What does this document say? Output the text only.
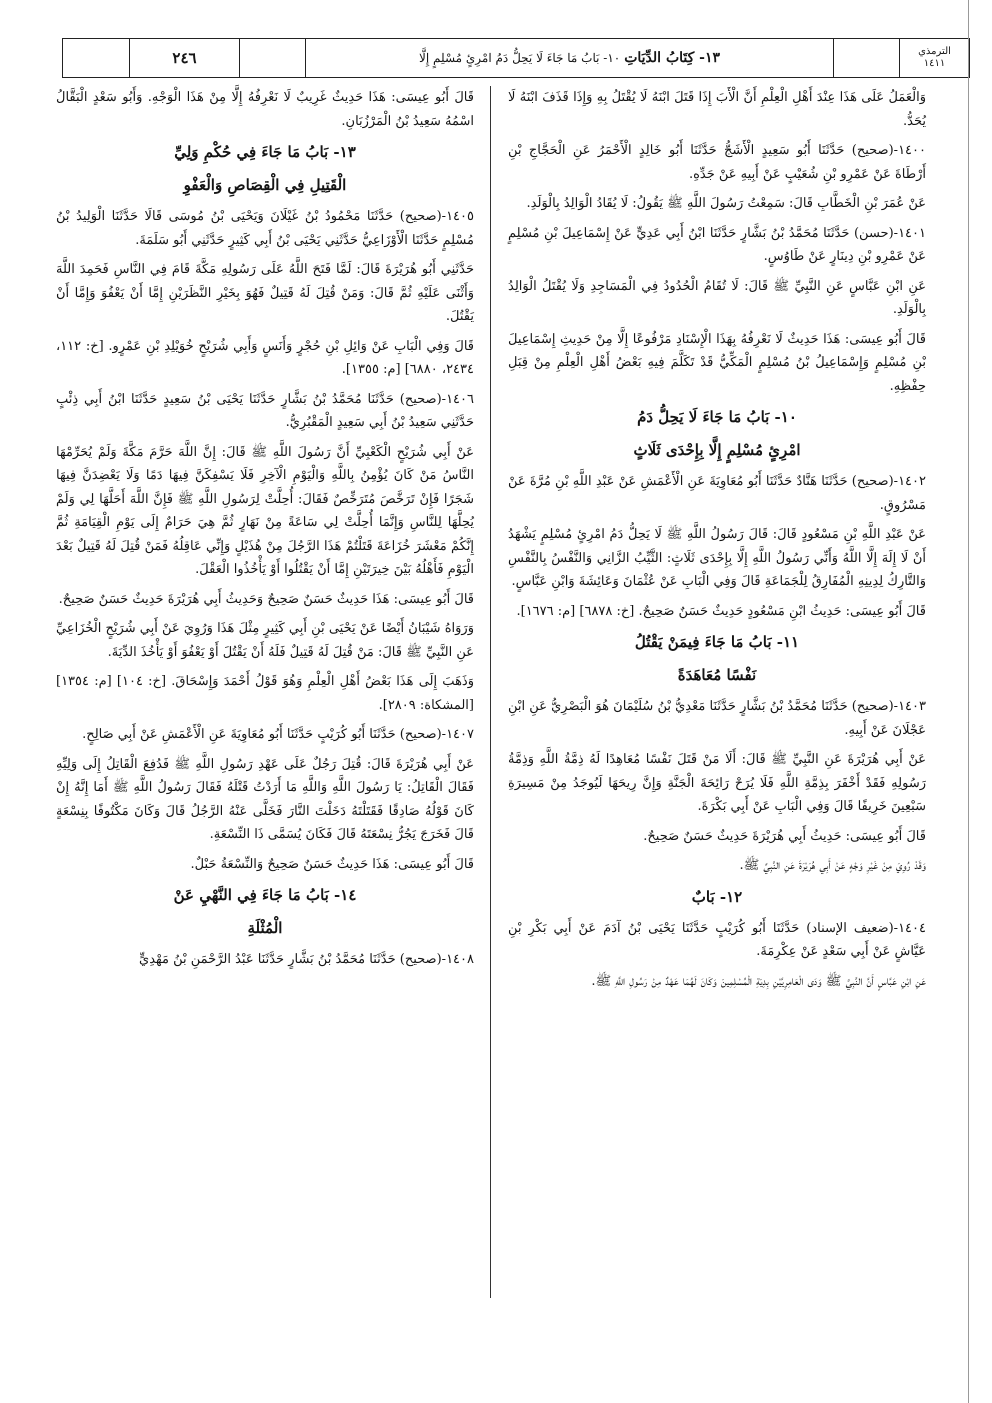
الترمذي
١٤١١
١٣- كِتَابُ الدِّيَاتِ
١٠- بَابُ مَا جَاءَ لَا يَحِلُّ دَمُ امْرِئٍ مُسْلِمٍ إِلَّا
٢٤٦

وَالْعَمَلُ عَلَى هَذَا عِنْدَ أَهْلِ الْعِلْمِ أَنَّ الْأَبَ إِذَا قَتَلَ ابْنَهُ لَا يُقْتَلُ بِهِ وَإِذَا قَذَفَ ابْنَهُ لَا يُحَدُّ.

١٤٠٠-(صحيح) حَدَّثَنَا أَبُو سَعِيدٍ الْأَشَجُّ حَدَّثَنَا أَبُو خَالِدٍ الْأَحْمَرُ عَنِ الْحَجَّاجِ بْنِ أَرْطَاةَ عَنْ عَمْرِو بْنِ شُعَيْبٍ عَنْ أَبِيهِ عَنْ جَدِّهِ.

عَنْ عُمَرَ بْنِ الْخَطَّابِ قَالَ: سَمِعْتُ رَسُولَ اللَّهِ ﷺ يَقُولُ: لَا يُقَادُ الْوَالِدُ بِالْوَلَدِ.

١٤٠١-(حسن) حَدَّثَنَا مُحَمَّدُ بْنُ بَشَّارٍ حَدَّثَنَا ابْنُ أَبِي عَدِيٍّ عَنْ إِسْمَاعِيلَ بْنِ مُسْلِمٍ عَنْ عَمْرِو بْنِ دِينَارٍ عَنْ طَاوُسٍ.

عَنِ ابْنِ عَبَّاسٍ عَنِ النَّبِيِّ ﷺ قَالَ: لَا تُقَامُ الْحُدُودُ فِي الْمَسَاجِدِ وَلَا يُقْتَلُ الْوَالِدُ بِالْوَلَدِ.

قَالَ أَبُو عِيسَى: هَذَا حَدِيثٌ لَا نَعْرِفُهُ بِهَذَا الْإِسْنَادِ مَرْفُوعًا إِلَّا مِنْ حَدِيثِ إِسْمَاعِيلَ بْنِ مُسْلِمٍ وَإِسْمَاعِيلُ بْنُ مُسْلِمٍ الْمَكِّيُّ قَدْ تَكَلَّمَ فِيهِ بَعْضُ أَهْلِ الْعِلْمِ مِنْ قِبَلِ حِفْظِهِ.

١٠- بَابُ مَا جَاءَ لَا يَحِلُّ دَمُ

امْرِئٍ مُسْلِمٍ إِلَّا بِإِحْدَى ثَلَاثٍ

١٤٠٢-(صحيح) حَدَّثَنَا هَنَّادٌ حَدَّثَنَا أَبُو مُعَاوِيَةَ عَنِ الْأَعْمَشِ عَنْ عَبْدِ اللَّهِ بْنِ مُرَّةَ عَنْ مَسْرُوقٍ.

عَنْ عَبْدِ اللَّهِ بْنِ مَسْعُودٍ قَالَ: قَالَ رَسُولُ اللَّهِ ﷺ لَا يَحِلُّ دَمُ امْرِئٍ مُسْلِمٍ يَشْهَدُ أَنْ لَا إِلَهَ إِلَّا اللَّهُ وَأَنِّي رَسُولُ اللَّهِ إِلَّا بِإِحْدَى ثَلَاثٍ: الثَّيِّبُ الزَّانِي وَالنَّفْسُ بِالنَّفْسِ وَالتَّارِكُ لِدِينِهِ الْمُفَارِقُ لِلْجَمَاعَةِ قَالَ وَفِي الْبَابِ عَنْ عُثْمَانَ وَعَائِشَةَ وَابْنِ عَبَّاسٍ.

قَالَ أَبُو عِيسَى: حَدِيثُ ابْنِ مَسْعُودٍ حَدِيثٌ حَسَنٌ صَحِيحٌ. [خ: ٦٨٧٨] [م: ١٦٧٦].

١١- بَابُ مَا جَاءَ فِيمَنْ يَقْتُلُ

نَفْسًا مُعَاهَدَةً

١٤٠٣-(صحيح) حَدَّثَنَا مُحَمَّدُ بْنُ بَشَّارٍ حَدَّثَنَا مَعْدِيُّ بْنُ سُلَيْمَانَ هُوَ الْبَصْرِيُّ عَنِ ابْنِ عَجْلَانَ عَنْ أَبِيهِ.

عَنْ أَبِي هُرَيْرَةَ عَنِ النَّبِيِّ ﷺ قَالَ: أَلَا مَنْ قَتَلَ نَفْسًا مُعَاهِدًا لَهُ ذِمَّةُ اللَّهِ وَذِمَّةُ رَسُولِهِ فَقَدْ أَخْفَرَ بِذِمَّةِ اللَّهِ فَلَا يُرَحْ رَائِحَةَ الْجَنَّةِ وَإِنَّ رِيحَهَا لَيُوجَدُ مِنْ مَسِيرَةِ سَبْعِينَ خَرِيفًا قَالَ وَفِي الْبَابِ عَنْ أَبِي بَكْرَةَ.

قَالَ أَبُو عِيسَى: حَدِيثُ أَبِي هُرَيْرَةَ حَدِيثٌ حَسَنٌ صَحِيحٌ.

وَقَدْ رُوِيَ مِنْ غَيْرِ وَجْهٍ عَنْ أَبِي هُرَيْرَةَ عَنِ النَّبِيِّ ﷺ.

١٢- بَابٌ

١٤٠٤-(ضعيف الإسناد) حَدَّثَنَا أَبُو كُرَيْبٍ حَدَّثَنَا يَحْيَى بْنُ آدَمَ عَنْ أَبِي بَكْرِ بْنِ عَيَّاشٍ عَنْ أَبِي سَعْدٍ عَنْ عِكْرِمَةَ.

عَنِ ابْنِ عَبَّاسٍ أَنَّ النَّبِيَّ ﷺ وَدَى الْعَامِرِيَّيْنِ بِدِيَةِ الْمُسْلِمِينَ وَكَانَ لَهُمَا عَهْدٌ مِنْ رَسُولِ اللَّهِ ﷺ.

قَالَ أَبُو عِيسَى: هَذَا حَدِيثٌ غَرِيبٌ لَا نَعْرِفُهُ إِلَّا مِنْ هَذَا الْوَجْهِ. وَأَبُو سَعْدٍ الْبَقَّالُ اسْمُهُ سَعِيدُ بْنُ الْمَرْزُبَانِ.

١٣- بَابُ مَا جَاءَ فِي حُكْمِ وَلِيِّ

الْقَتِيلِ فِي الْقِصَاصِ وَالْعَفْوِ

١٤٠٥-(صحيح) حَدَّثَنَا مَحْمُودُ بْنُ غَيْلَانَ وَيَحْيَى بْنُ مُوسَى قَالَا حَدَّثَنَا الْوَلِيدُ بْنُ مُسْلِمٍ حَدَّثَنَا الْأَوْزَاعِيُّ حَدَّثَنِي يَحْيَى بْنُ أَبِي كَثِيرٍ حَدَّثَنِي أَبُو سَلَمَةَ.

حَدَّثَنِي أَبُو هُرَيْرَةَ قَالَ: لَمَّا فَتَحَ اللَّهُ عَلَى رَسُولِهِ مَكَّةَ قَامَ فِي النَّاسِ فَحَمِدَ اللَّهَ وَأَثْنَى عَلَيْهِ ثُمَّ قَالَ: وَمَنْ قُتِلَ لَهُ قَتِيلٌ فَهُوَ بِخَيْرِ النَّظَرَيْنِ إِمَّا أَنْ يَعْفُوَ وَإِمَّا أَنْ يَقْتُلَ.

قَالَ وَفِي الْبَابِ عَنْ وَائِلِ بْنِ حُجْرٍ وَأَنَسٍ وَأَبِي شُرَيْحٍ خُوَيْلِدِ بْنِ عَمْرٍو. [خ: ١١٢، ٢٤٣٤، ٦٨٨٠] [م: ١٣٥٥].

١٤٠٦-(صحيح) حَدَّثَنَا مُحَمَّدُ بْنُ بَشَّارٍ حَدَّثَنَا يَحْيَى بْنُ سَعِيدٍ حَدَّثَنَا ابْنُ أَبِي ذِئْبٍ حَدَّثَنِي سَعِيدُ بْنُ أَبِي سَعِيدٍ الْمَقْبُرِيُّ.

عَنْ أَبِي شُرَيْحٍ الْكَعْبِيِّ أَنَّ رَسُولَ اللَّهِ ﷺ قَالَ: إِنَّ اللَّهَ حَرَّمَ مَكَّةَ وَلَمْ يُحَرِّمْهَا النَّاسُ مَنْ كَانَ يُؤْمِنُ بِاللَّهِ وَالْيَوْمِ الْآخِرِ فَلَا يَسْفِكَنَّ فِيهَا دَمًا وَلَا يَعْضِدَنَّ فِيهَا شَجَرًا فَإِنْ تَرَخَّصَ مُتَرَخِّصٌ فَقَالَ: أُحِلَّتْ لِرَسُولِ اللَّهِ ﷺ فَإِنَّ اللَّهَ أَحَلَّهَا لِي وَلَمْ يُحِلَّهَا لِلنَّاسِ وَإِنَّمَا أُحِلَّتْ لِي سَاعَةً مِنْ نَهَارٍ ثُمَّ هِيَ حَرَامٌ إِلَى يَوْمِ الْقِيَامَةِ ثُمَّ إِنَّكُمْ مَعْشَرَ خُزَاعَةَ قَتَلْتُمْ هَذَا الرَّجُلَ مِنْ هُذَيْلٍ وَإِنِّي عَاقِلُهُ فَمَنْ قُتِلَ لَهُ قَتِيلٌ بَعْدَ الْيَوْمِ فَأَهْلُهُ بَيْنَ خِيرَتَيْنِ إِمَّا أَنْ يَقْتُلُوا أَوْ يَأْخُذُوا الْعَقْلَ.

قَالَ أَبُو عِيسَى: هَذَا حَدِيثٌ حَسَنٌ صَحِيحٌ وَحَدِيثُ أَبِي هُرَيْرَةَ حَدِيثٌ حَسَنٌ صَحِيحٌ.

وَرَوَاهُ شَيْبَانُ أَيْضًا عَنْ يَحْيَى بْنِ أَبِي كَثِيرٍ مِثْلَ هَذَا وَرُوِيَ عَنْ أَبِي شُرَيْحٍ الْخُزَاعِيِّ عَنِ النَّبِيِّ ﷺ قَالَ: مَنْ قُتِلَ لَهُ قَتِيلٌ فَلَهُ أَنْ يَقْتُلَ أَوْ يَعْفُوَ أَوْ يَأْخُذَ الدِّيَةَ.

وَذَهَبَ إِلَى هَذَا بَعْضُ أَهْلِ الْعِلْمِ وَهُوَ قَوْلُ أَحْمَدَ وَإِسْحَاقَ. [خ: ١٠٤] [م: ١٣٥٤] [المشكاة: ٢٨٠٩].

١٤٠٧-(صحيح) حَدَّثَنَا أَبُو كُرَيْبٍ حَدَّثَنَا أَبُو مُعَاوِيَةَ عَنِ الْأَعْمَشِ عَنْ أَبِي صَالِحٍ.

عَنْ أَبِي هُرَيْرَةَ قَالَ: قُتِلَ رَجُلٌ عَلَى عَهْدِ رَسُولِ اللَّهِ ﷺ فَدُفِعَ الْقَاتِلُ إِلَى وَلِيِّهِ فَقَالَ الْقَاتِلُ: يَا رَسُولَ اللَّهِ وَاللَّهِ مَا أَرَدْتُ قَتْلَهُ فَقَالَ رَسُولُ اللَّهِ ﷺ أَمَا إِنَّهُ إِنْ كَانَ قَوْلُهُ صَادِقًا فَقَتَلْتَهُ دَخَلْتَ النَّارَ فَخَلَّى عَنْهُ الرَّجُلُ قَالَ وَكَانَ مَكْتُوفًا بِنِسْعَةٍ قَالَ فَخَرَجَ يَجُرُّ نِسْعَتَهُ قَالَ فَكَانَ يُسَمَّى ذَا النِّسْعَةِ.

قَالَ أَبُو عِيسَى: هَذَا حَدِيثٌ حَسَنٌ صَحِيحٌ وَالنِّسْعَةُ حَبْلٌ.

١٤- بَابُ مَا جَاءَ فِي النَّهْيِ عَنْ

الْمُثْلَةِ

١٤٠٨-(صحيح) حَدَّثَنَا مُحَمَّدُ بْنُ بَشَّارٍ حَدَّثَنَا عَبْدُ الرَّحْمَنِ بْنُ مَهْدِيٍّ
